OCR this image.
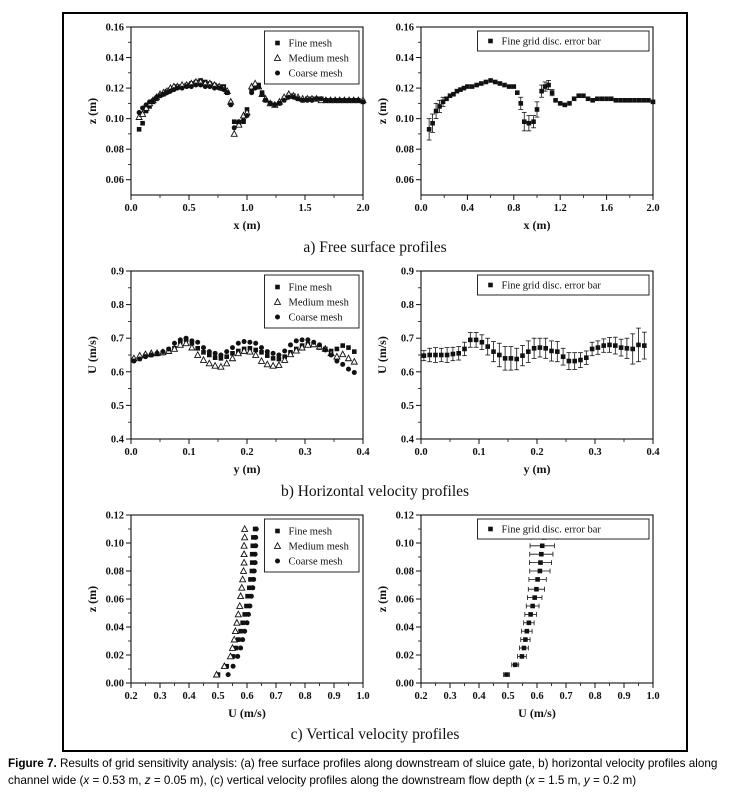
0.0	0.5	1.0	1.5	2.0
0.06
0.08
0.10
0.12
0.14
0.16
x (m)
z (m)
Fine mesh
Medium mesh
Coarse mesh
0.0	0.4	0.8	1.2	1.6	2.0
0.06
0.08
0.10
0.12
0.14
0.16
x (m)
z (m)
Fine grid disc. error bar
a) Free surface profiles
0.0	0.1	0.2	0.3	0.4
0.4
0.5
0.6
0.7
0.8
0.9
y (m)
U (m/s)
Fine mesh
Medium mesh
Coarse mesh
0.0	0.1	0.2	0.3	0.4
0.4
0.5
0.6
0.7
0.8
0.9
y (m)
U (m/s)
Fine grid disc. error bar
b) Horizontal velocity profiles
0.2 0.3 0.4 0.5 0.6 0.7 0.8 0.9 1.0
0.00
0.02
0.04
0.06
0.08
0.10
0.12
U (m/s)
z (m)
Fine mesh
Medium mesh
Coarse mesh
0.2 0.3 0.4 0.5 0.6 0.7 0.8 0.9 1.0
0.00
0.02
0.04
0.06
0.08
0.10
0.12
U (m/s)
z (m)
Fine grid disc. error bar
c) Vertical velocity profiles

Figure 7. Results of grid sensitivity analysis: (a) free surface profiles along downstream of sluice gate, b) horizontal velocity profiles along channel wide (x = 0.53 m, z = 0.05 m), (c) vertical velocity profiles along the downstream flow depth (x = 1.5 m, y = 0.2 m)
